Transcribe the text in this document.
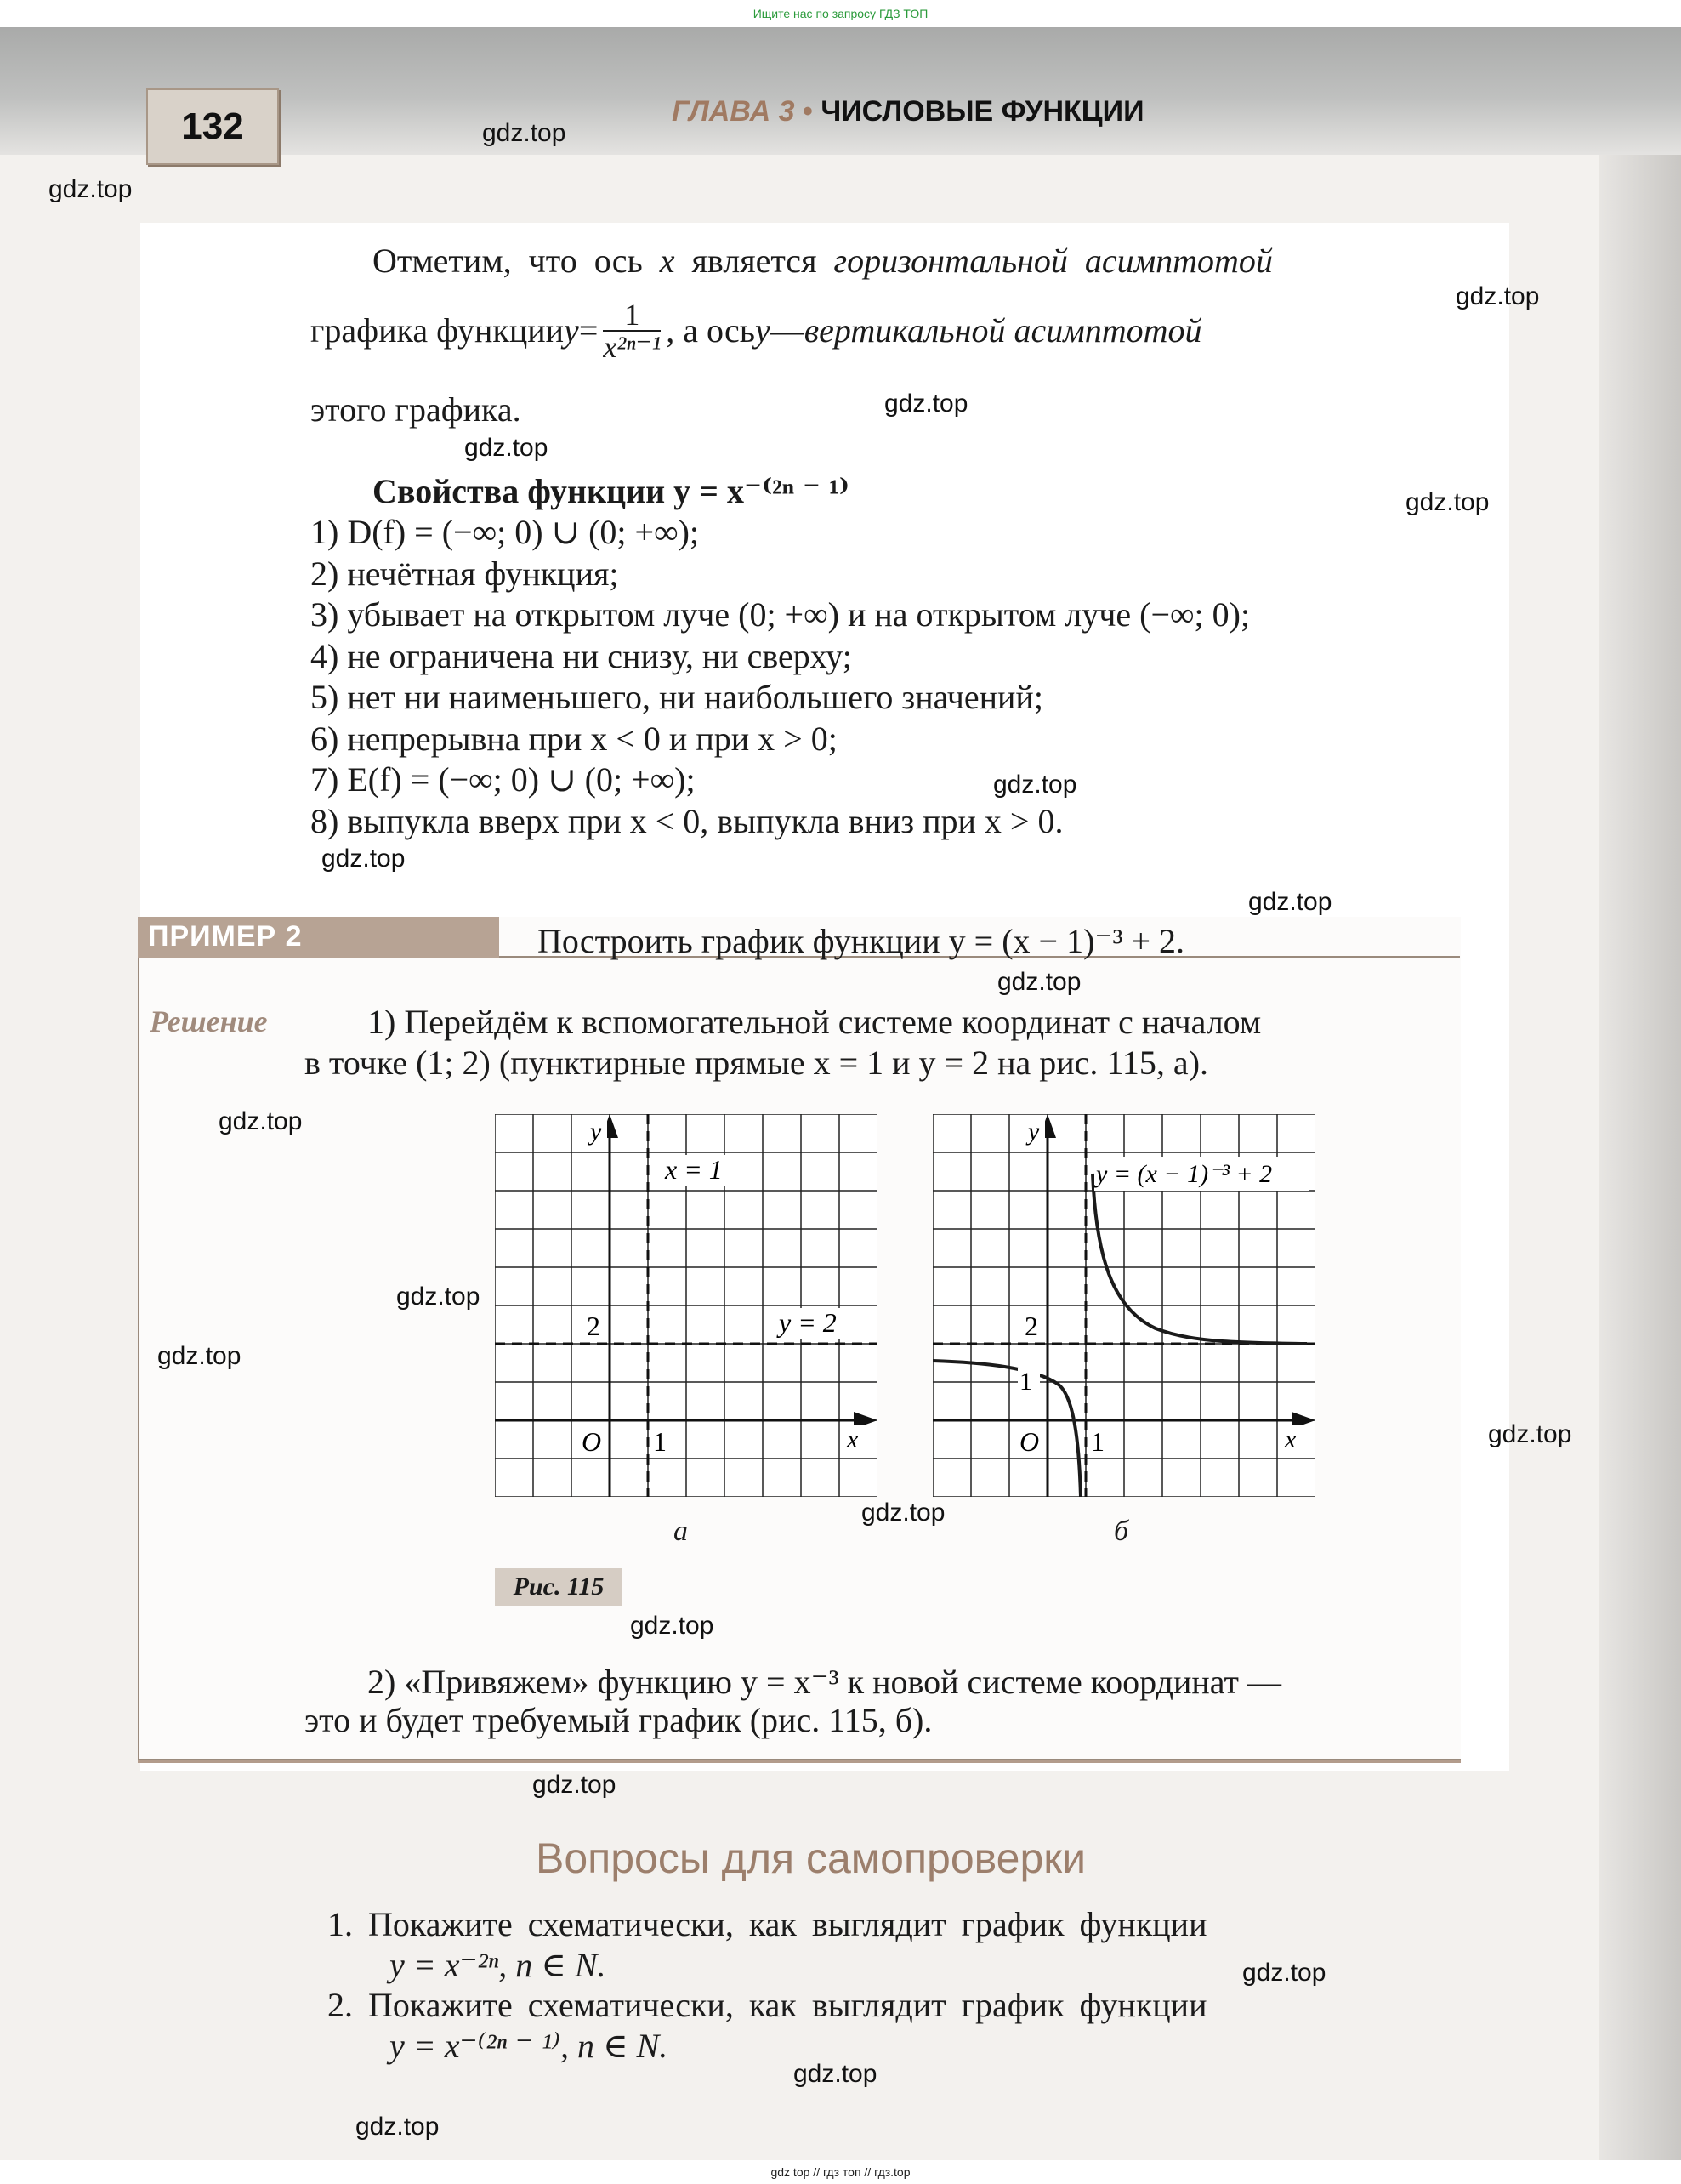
Ищите нас по запросу ГДЗ ТОП
132	ГЛАВА 3 • ЧИСЛОВЫЕ ФУНКЦИИ
Отметим, что ось x является горизонтальной асимптотой
графика функции $y = \frac{1}{\text{x²ⁿ⁻¹}}$ , а ось y — вертикальной асимптотой
этого графика.
Свойства функции y = x⁻⁽²ⁿ ⁻ ¹⁾
1) D(f) = (−∞; 0) ∪ (0; +∞);
2) нечётная функция;
3) убывает на открытом луче (0; +∞) и на открытом луче (−∞; 0);
4) не ограничена ни снизу, ни сверху;
5) нет ни наименьшего, ни наибольшего значений;
6) непрерывна при x < 0 и при x > 0;
7) E(f) = (−∞; 0) ∪ (0; +∞);
8) выпукла вверх при x < 0, выпукла вниз при x > 0.
ПРИМЕР 2	Построить график функции y = (x − 1)⁻³ + 2.
Решение	1) Перейдём к вспомогательной системе координат с началом
в точке (1; 2) (пунктирные прямые x = 1 и y = 2 на рис. 115, а).
y
x
O 1
2
x = 1
y = 2
а
y
x
O 1
2
1
y = (x − 1)⁻³ + 2
б
Рис. 115
2) «Привяжем» функцию y = x⁻³ к новой системе координат —
это и будет требуемый график (рис. 115, б).
Вопросы для самопроверки
1. Покажите схематически, как выглядит график функции
y = x⁻²ⁿ, n ∈ N.
2. Покажите схематически, как выглядит график функции
y = x⁻⁽²ⁿ ⁻ ¹⁾, n ∈ N.
gdz.top
gdz.top
gdz.top
gdz.top
gdz.top
gdz.top
gdz.top
gdz.top
gdz.top
gdz.top
gdz.top
gdz.top
gdz.top
gdz.top
gdz.top
gdz.top
gdz.top
gdz.top
gdz.top
gdz.top
gdz top // гдз топ // гдз.top
